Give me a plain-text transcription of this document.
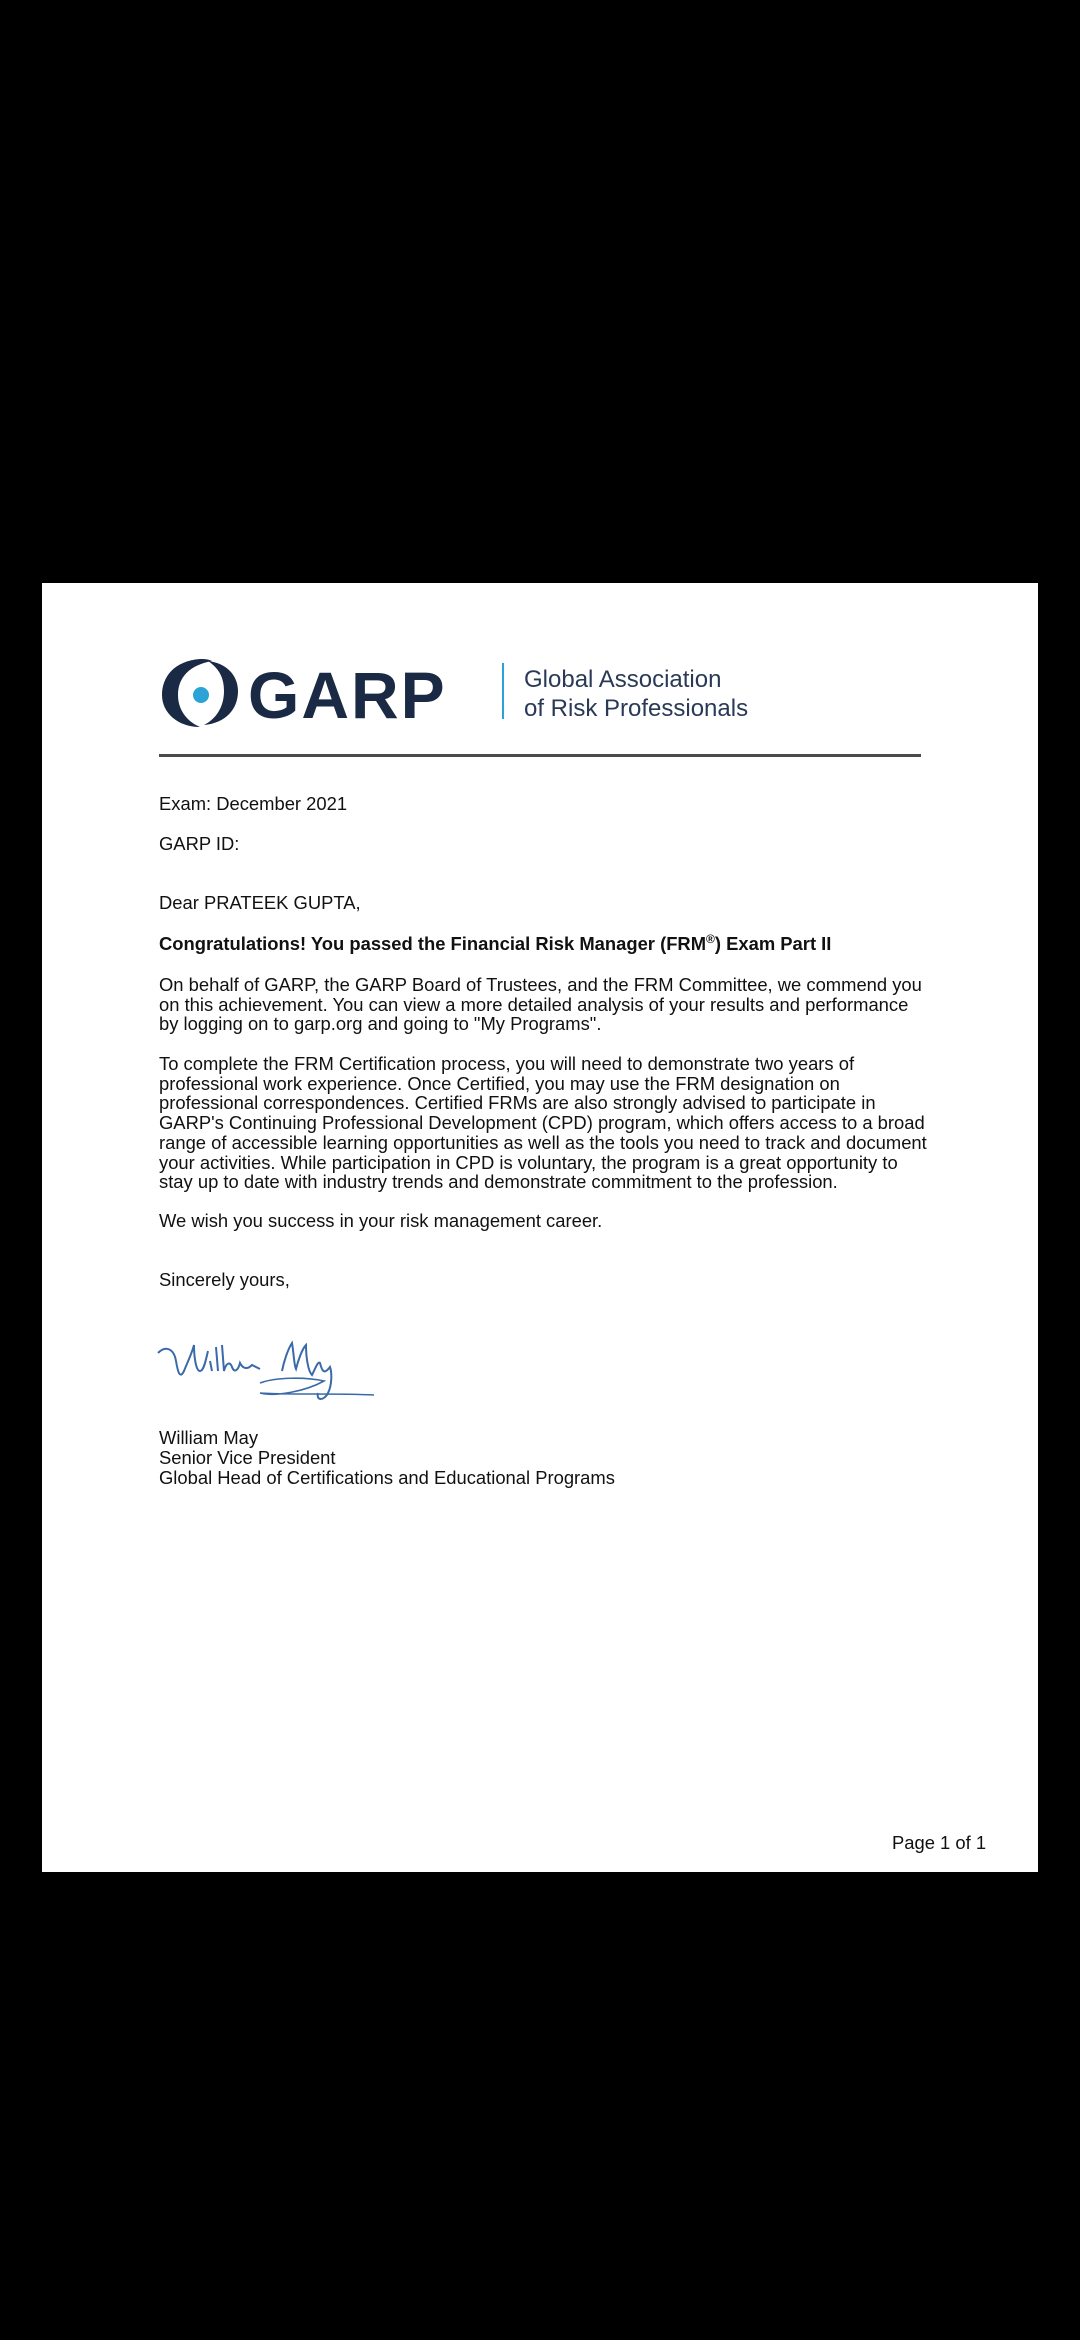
GARP	Global Association
of Risk Professionals
Exam: December 2021
GARP ID:
Dear PRATEEK GUPTA,
Congratulations! You passed the Financial Risk Manager (FRM®) Exam Part II
On behalf of GARP, the GARP Board of Trustees, and the FRM Committee, we commend you on this achievement. You can view a more detailed analysis of your results and performance by logging on to garp.org and going to "My Programs".
To complete the FRM Certification process, you will need to demonstrate two years of professional work experience. Once Certified, you may use the FRM designation on professional correspondences. Certified FRMs are also strongly advised to participate in GARP's Continuing Professional Development (CPD) program, which offers access to a broad range of accessible learning opportunities as well as the tools you need to track and document your activities. While participation in CPD is voluntary, the program is a great opportunity to stay up to date with industry trends and demonstrate commitment to the profession.
We wish you success in your risk management career.
Sincerely yours,
William May
Senior Vice President
Global Head of Certifications and Educational Programs
Page 1 of 1
